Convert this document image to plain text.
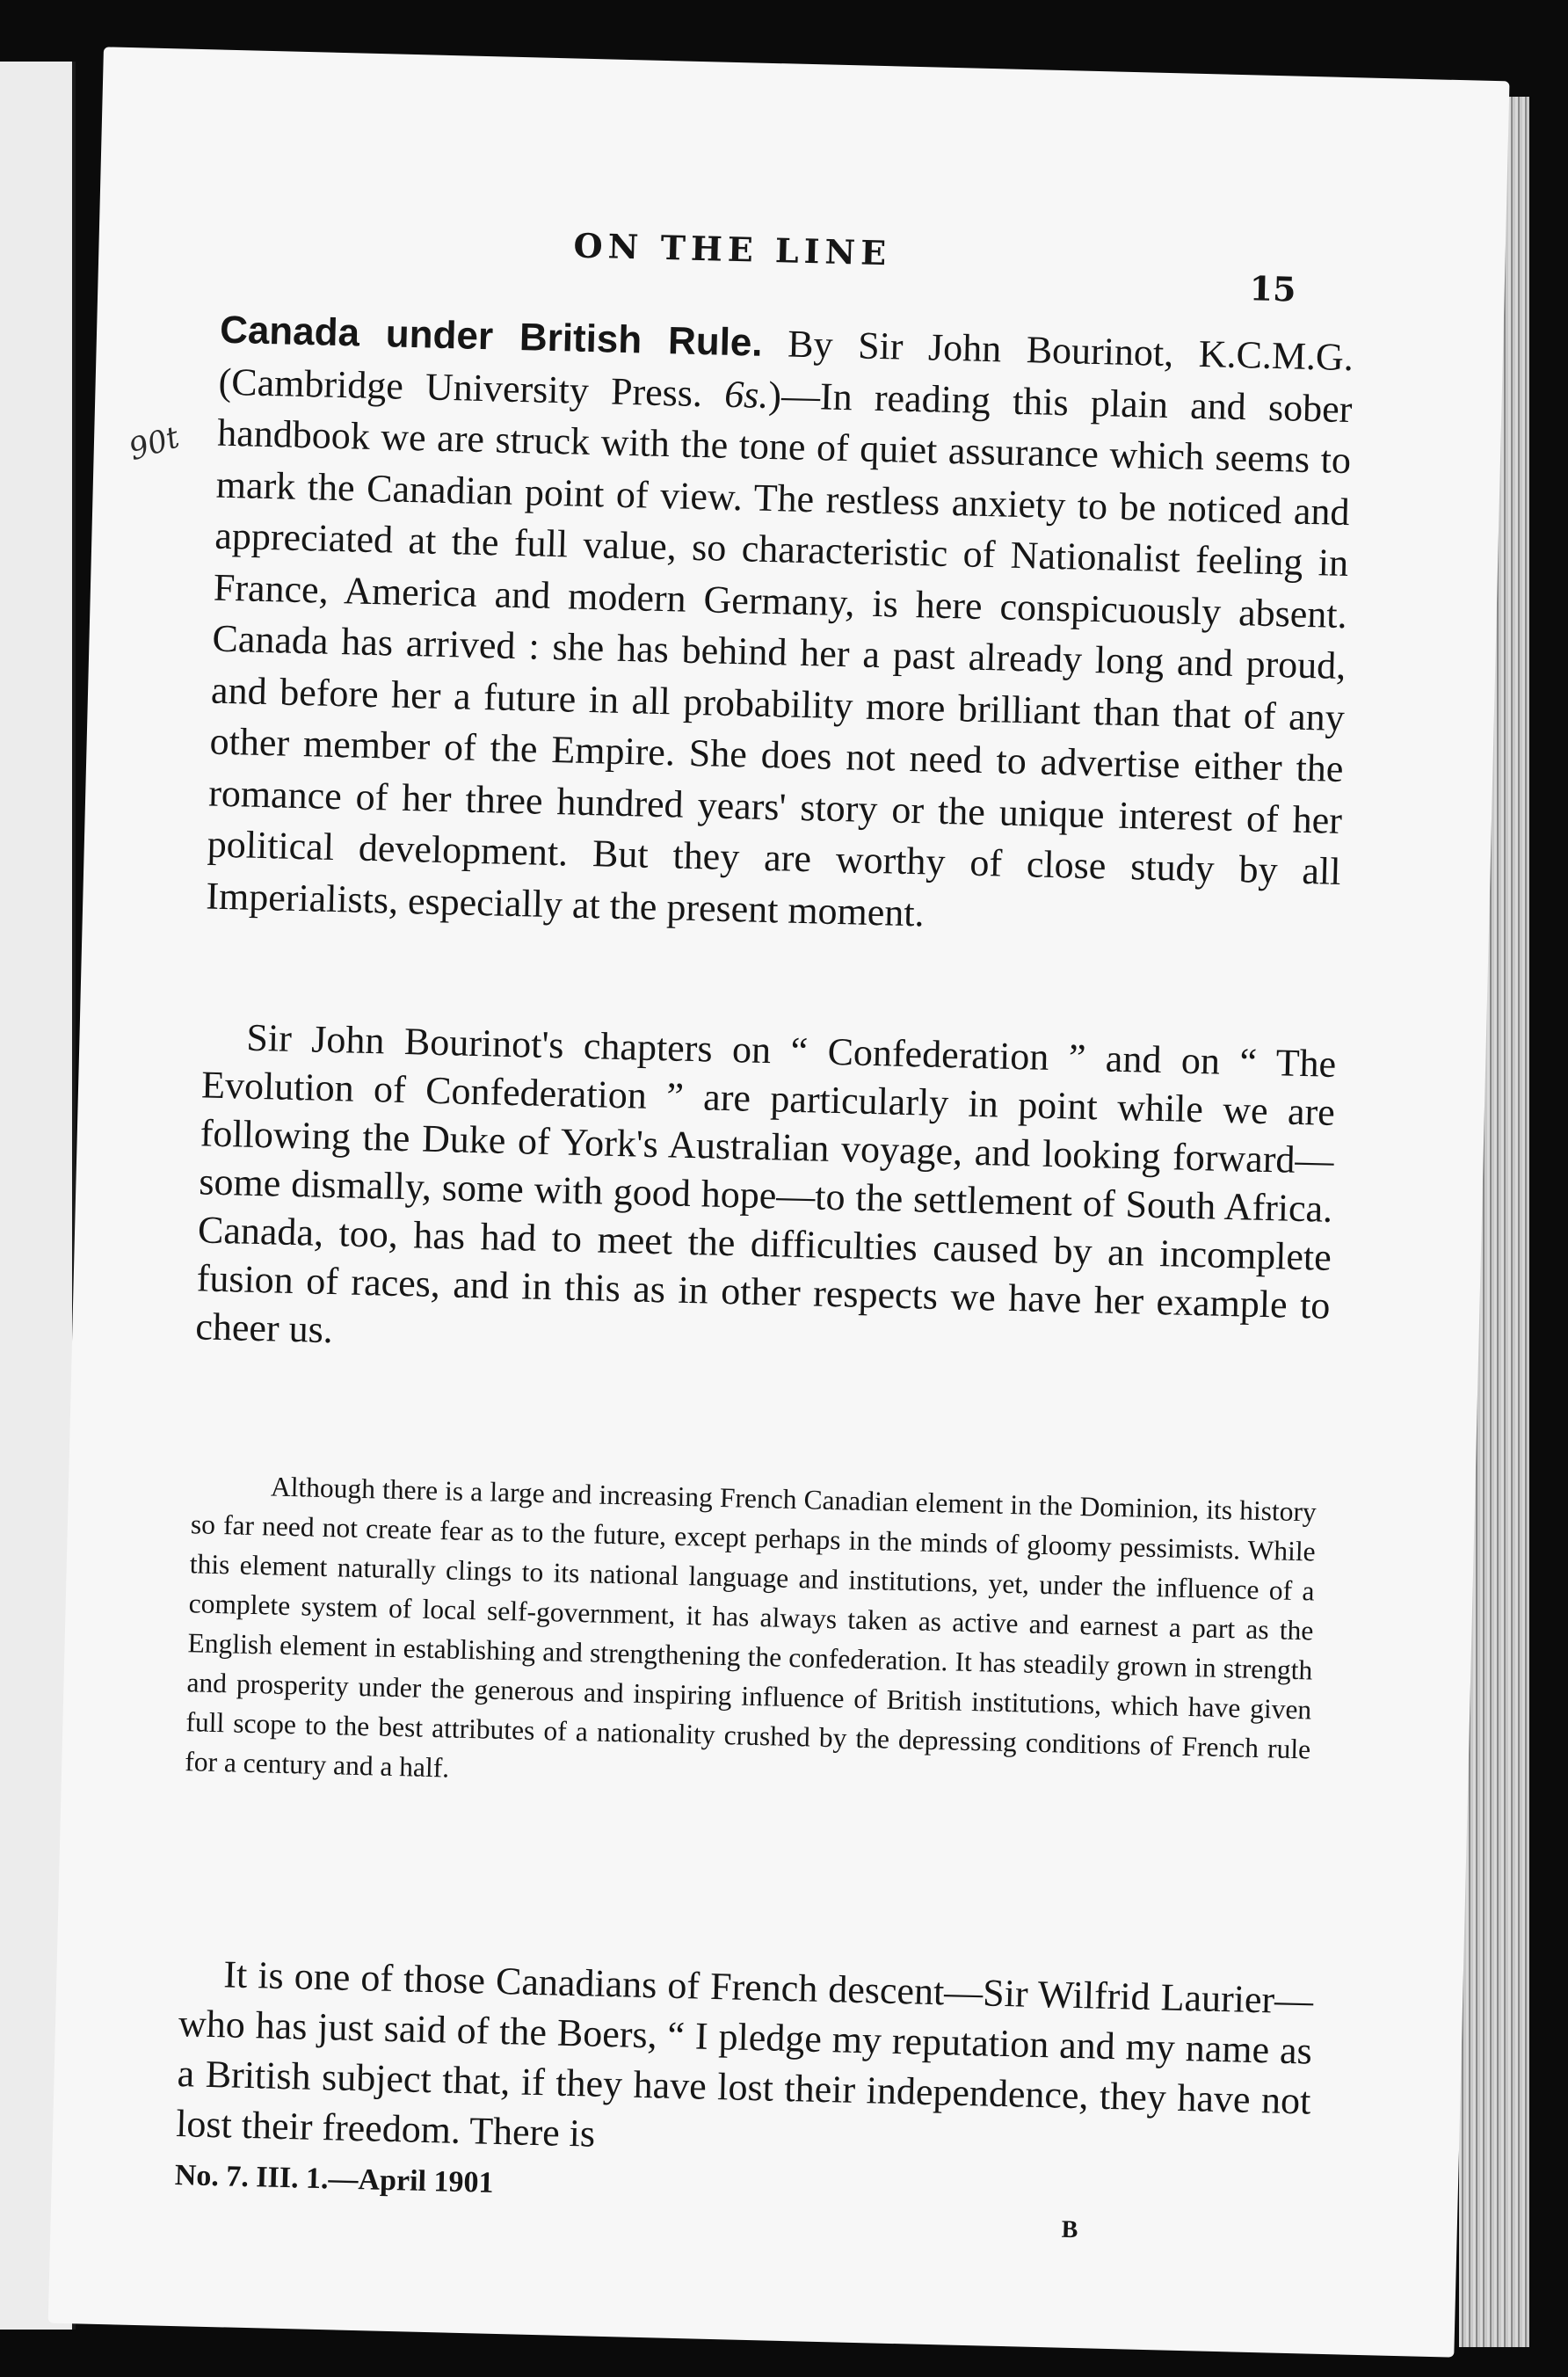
ON THE LINE
15
90t

Canada under British Rule. By Sir John Bourinot, K.C.M.G. (Cambridge University Press. 6s.)—In reading this plain and sober handbook we are struck with the tone of quiet assurance which seems to mark the Canadian point of view. The restless anxiety to be noticed and appreciated at the full value, so characteristic of Nationalist feeling in France, America and modern Germany, is here conspicuously absent. Canada has arrived : she has behind her a past already long and proud, and before her a future in all probability more brilliant than that of any other member of the Empire. She does not need to advertise either the romance of her three hundred years' story or the unique interest of her political development. But they are worthy of close study by all Imperialists, especially at the present moment.

Sir John Bourinot's chapters on “ Confederation ” and on “ The Evolution of Confederation ” are particularly in point while we are following the Duke of York's Australian voyage, and looking forward—some dismally, some with good hope—to the settlement of South Africa. Canada, too, has had to meet the difficulties caused by an incomplete fusion of races, and in this as in other respects we have her example to cheer us.

Although there is a large and increasing French Canadian element in the Dominion, its history so far need not create fear as to the future, except perhaps in the minds of gloomy pessimists. While this element naturally clings to its national language and institutions, yet, under the influence of a complete system of local self-government, it has always taken as active and earnest a part as the English element in establishing and strengthening the confederation. It has steadily grown in strength and prosperity under the generous and inspiring influence of British institutions, which have given full scope to the best attributes of a nationality crushed by the depressing conditions of French rule for a century and a half.

It is one of those Canadians of French descent—Sir Wilfrid Laurier—who has just said of the Boers, “ I pledge my reputation and my name as a British subject that, if they have lost their independence, they have not lost their freedom. There is

No. 7. III. 1.—April 1901
B
